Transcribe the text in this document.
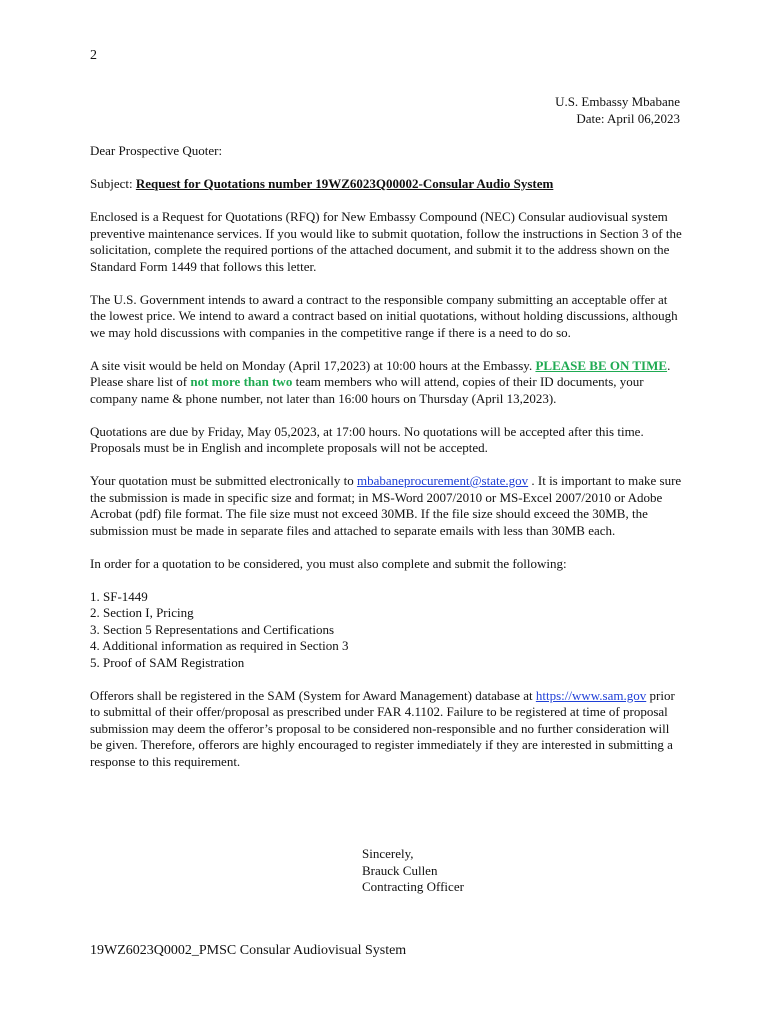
2
U.S. Embassy Mbabane
Date: April 06,2023

Dear Prospective Quoter:

Subject: Request for Quotations number 19WZ6023Q00002-Consular Audio System

Enclosed is a Request for Quotations (RFQ) for New Embassy Compound (NEC) Consular audiovisual system preventive maintenance services. If you would like to submit quotation, follow the instructions in Section 3 of the solicitation, complete the required portions of the attached document, and submit it to the address shown on the Standard Form 1449 that follows this letter.

The U.S. Government intends to award a contract to the responsible company submitting an acceptable offer at the lowest price. We intend to award a contract based on initial quotations, without holding discussions, although we may hold discussions with companies in the competitive range if there is a need to do so.

A site visit would be held on Monday (April 17,2023) at 10:00 hours at the Embassy. PLEASE BE ON TIME. Please share list of not more than two team members who will attend, copies of their ID documents, your company name & phone number, not later than 16:00 hours on Thursday (April 13,2023).

Quotations are due by Friday, May 05,2023, at 17:00 hours. No quotations will be accepted after this time. Proposals must be in English and incomplete proposals will not be accepted.

Your quotation must be submitted electronically to mbabaneprocurement@state.gov . It is important to make sure the submission is made in specific size and format; in MS-Word 2007/2010 or MS-Excel 2007/2010 or Adobe Acrobat (pdf) file format. The file size must not exceed 30MB. If the file size should exceed the 30MB, the submission must be made in separate files and attached to separate emails with less than 30MB each.

In order for a quotation to be considered, you must also complete and submit the following:

1. SF-1449
2. Section I, Pricing
3. Section 5 Representations and Certifications
4. Additional information as required in Section 3
5. Proof of SAM Registration

Offerors shall be registered in the SAM (System for Award Management) database at https://www.sam.gov prior to submittal of their offer/proposal as prescribed under FAR 4.1102. Failure to be registered at time of proposal submission may deem the offeror’s proposal to be considered non-responsible and no further consideration will be given. Therefore, offerors are highly encouraged to register immediately if they are interested in submitting a response to this requirement.

Sincerely,
Brauck Cullen
Contracting Officer
19WZ6023Q0002_PMSC Consular Audiovisual System
